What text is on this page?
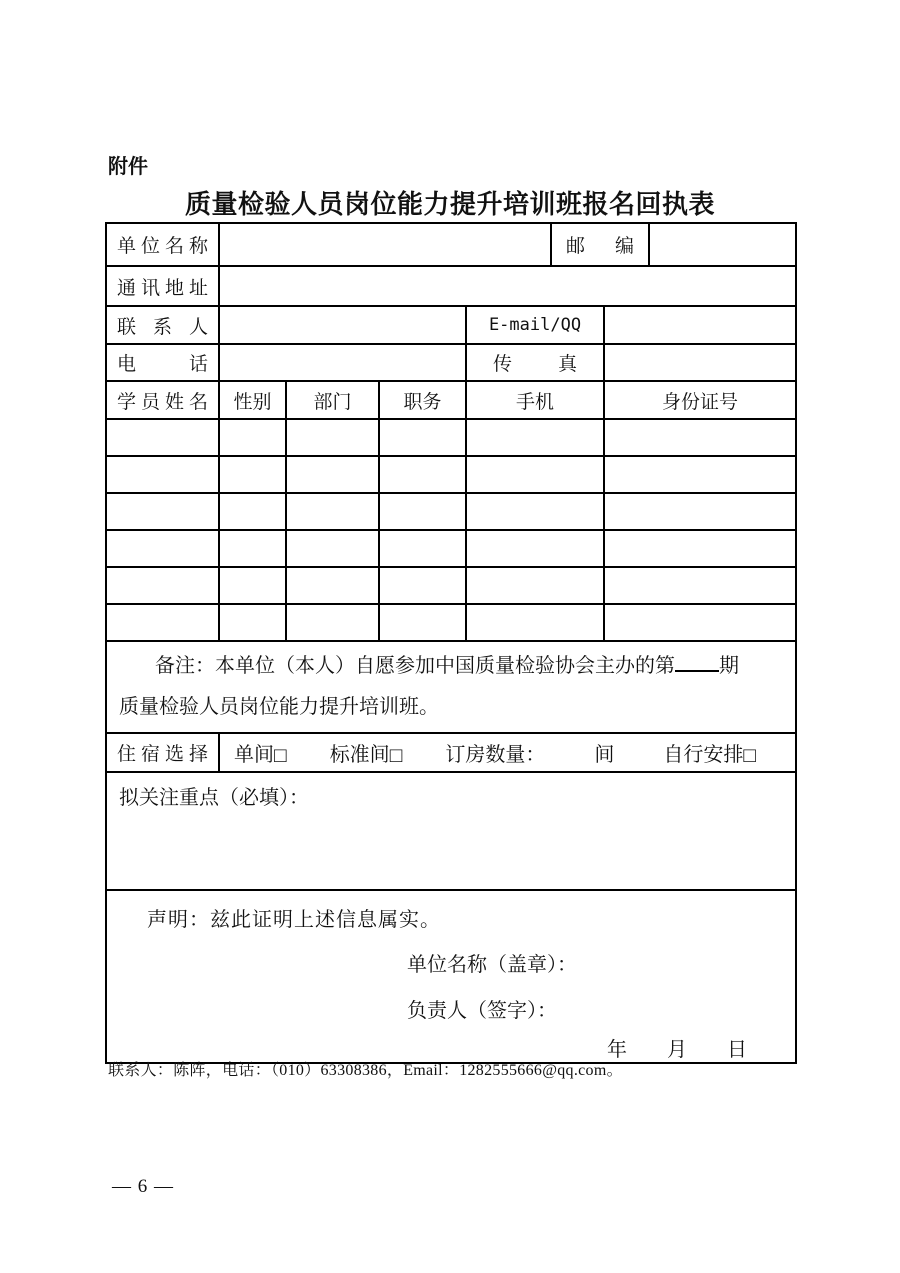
附件
质量检验人员岗位能力提升培训班报名回执表
单位名称					邮　编		
通讯地址							
联系人				E-mail/QQ			
电话				传　真			
学员姓名	性别	部门	职务	手机		身份证号	

备注：本单位（本人）自愿参加中国质量检验协会主办的第 期
质量检验人员岗位能力提升培训班。							

住宿选择	单间□ 标准间□ 订房数量： 间 自行安排□						
拟关注重点（必填）：							

声明：兹此证明上述信息属实。
单位名称（盖章）：
负责人（签字）：
年　　月　　日							
联系人：陈阵，电话：（010）63308386，Email：1282555666@qq.com。
— 6 —
